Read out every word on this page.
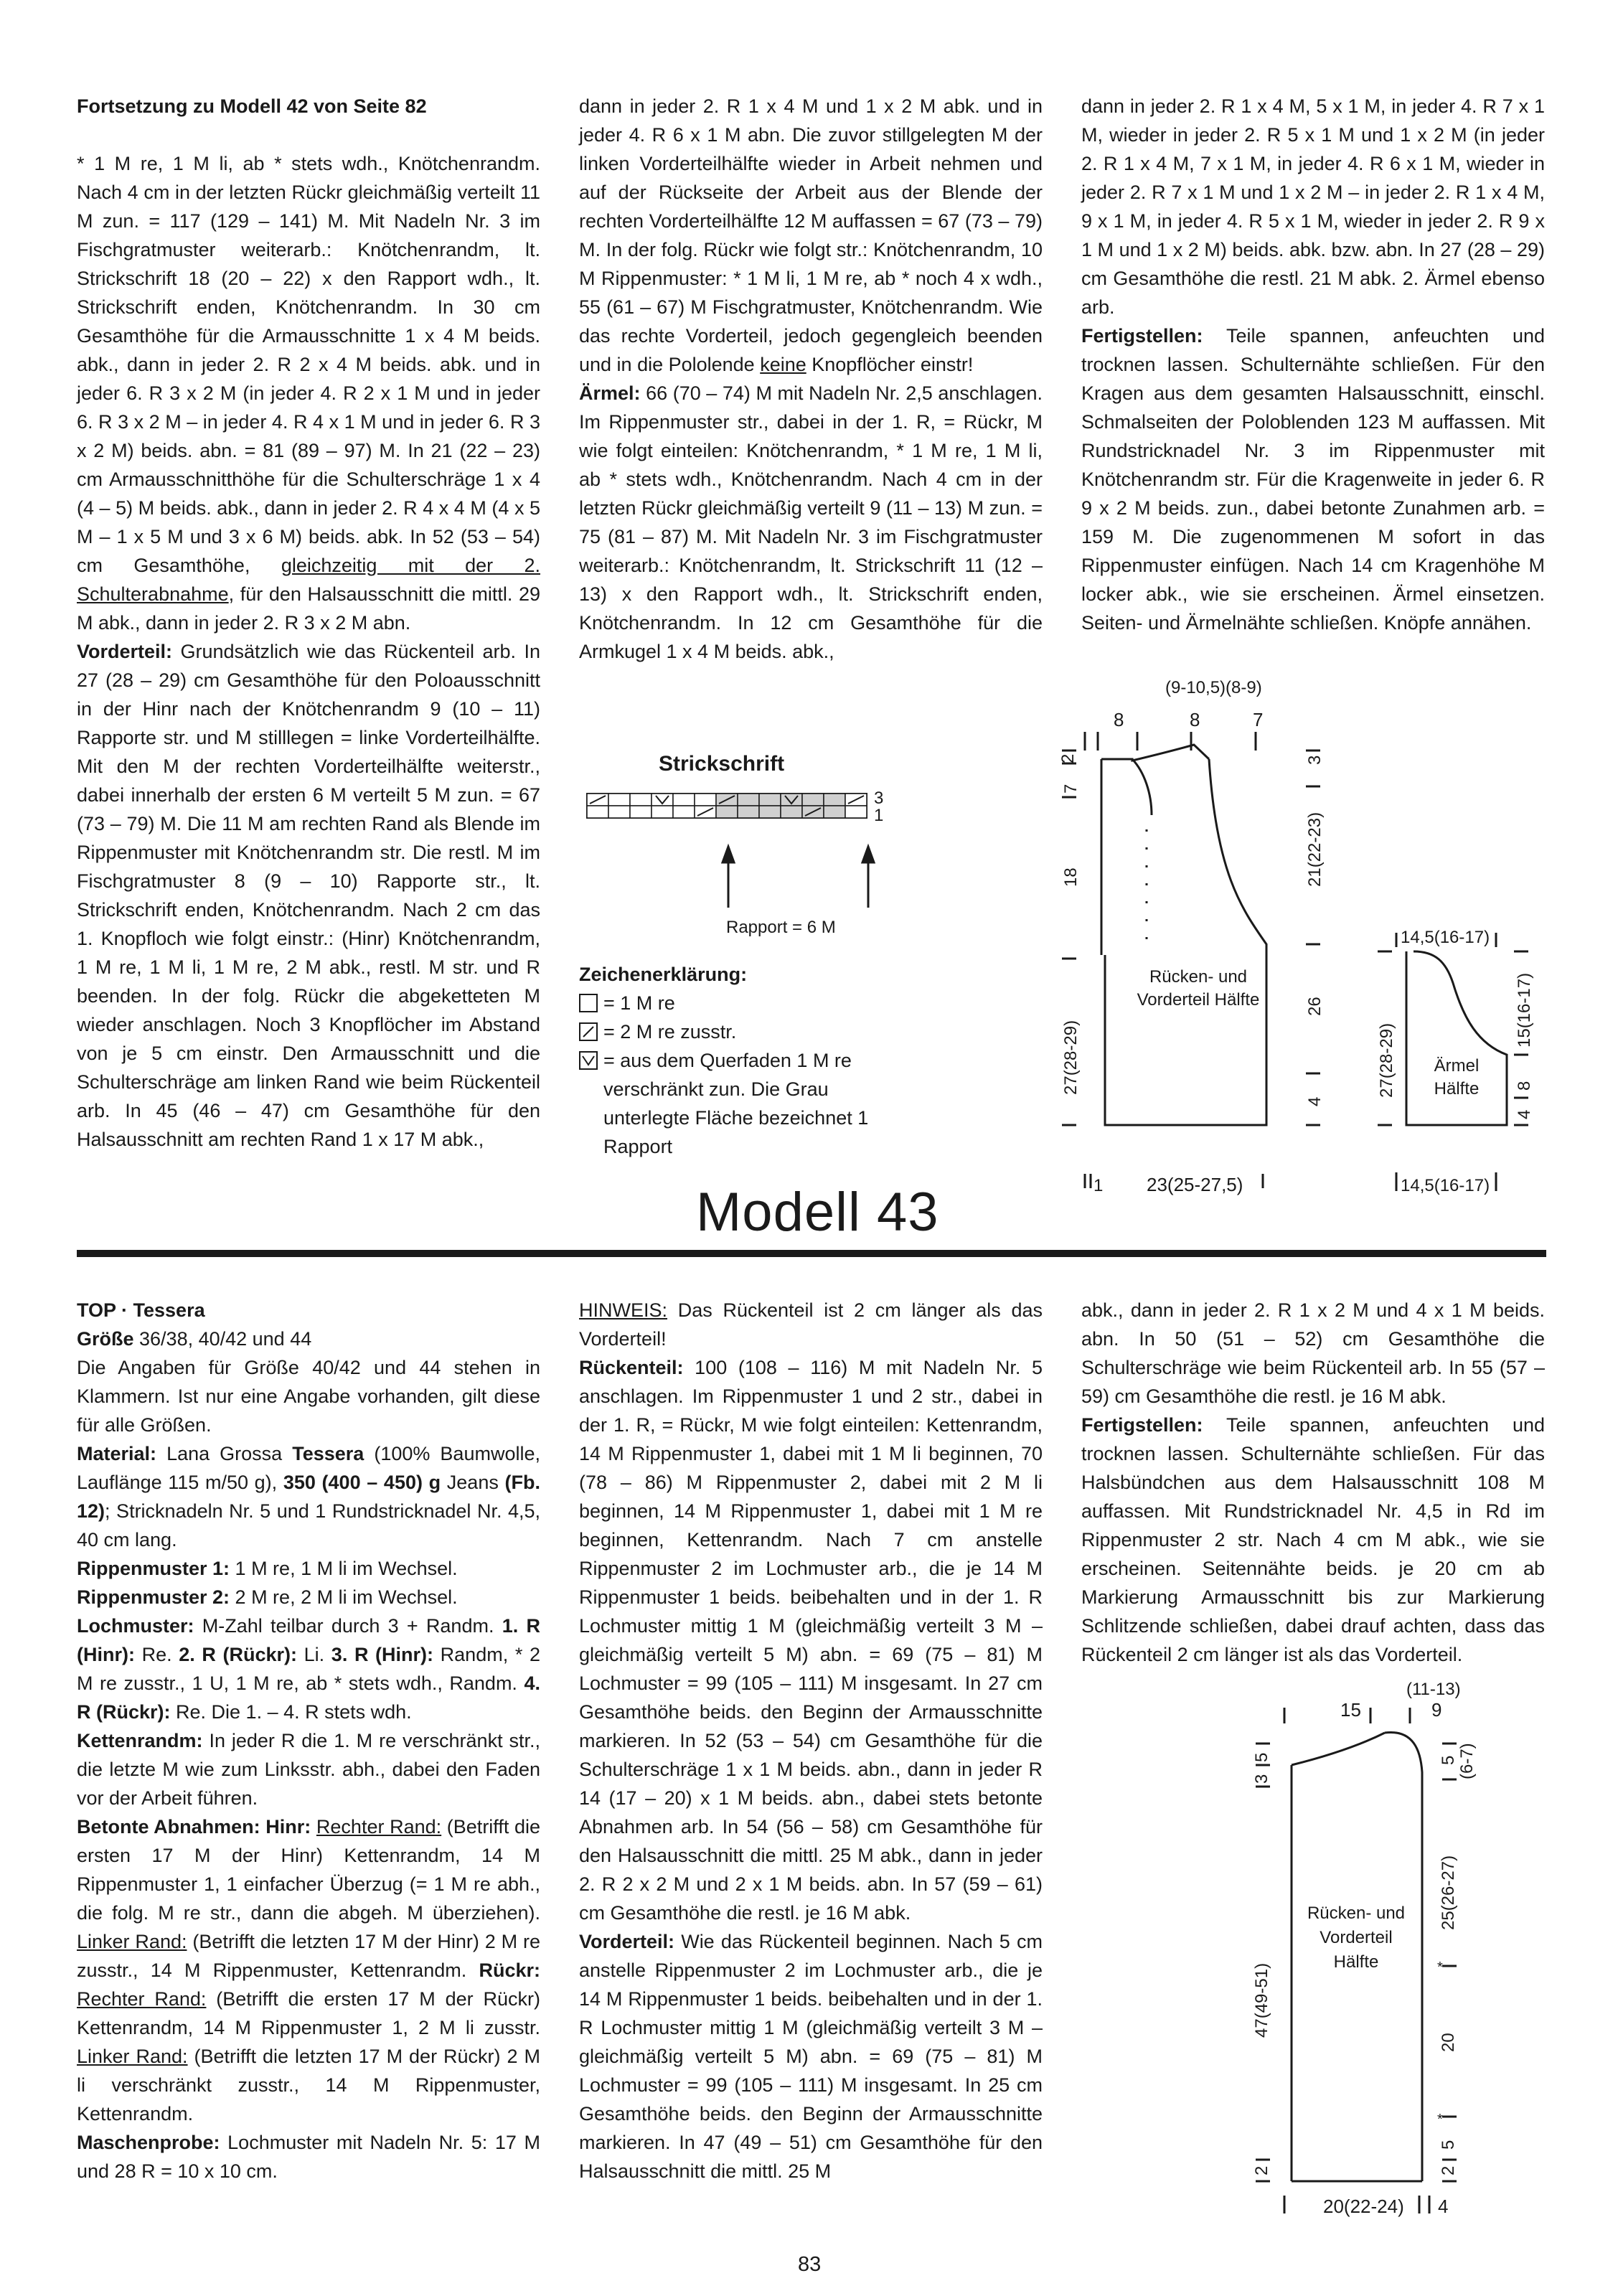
Fortsetzung zu Modell 42 von Seite 82

* 1 M re, 1 M li, ab * stets wdh., Knötchenrandm. Nach 4 cm in der letzten Rückr gleichmäßig verteilt 11 M zun. = 117 (129 – 141) M. Mit Nadeln Nr. 3 im Fischgratmuster weiterarb.: Knötchenrandm, lt. Strickschrift 18 (20 – 22) x den Rapport wdh., lt. Strickschrift enden, Knötchenrandm. In 30 cm Gesamthöhe für die Armausschnitte 1 x 4 M beids. abk., dann in jeder 2. R 2 x 4 M beids. abk. und in jeder 6. R 3 x 2 M (in jeder 4. R 2 x 1 M und in jeder 6. R 3 x 2 M – in jeder 4. R 4 x 1 M und in jeder 6. R 3 x 2 M) beids. abn. = 81 (89 – 97) M. In 21 (22 – 23) cm Armausschnitthöhe für die Schulterschräge 1 x 4 (4 – 5) M beids. abk., dann in jeder 2. R 4 x 4 M (4 x 5 M – 1 x 5 M und 3 x 6 M) beids. abk. In 52 (53 – 54) cm Gesamthöhe, gleichzeitig mit der 2. Schulterabnahme, für den Halsausschnitt die mittl. 29 M abk., dann in jeder 2. R 3 x 2 M abn.

Vorderteil: Grundsätzlich wie das Rückenteil arb. In 27 (28 – 29) cm Gesamthöhe für den Poloausschnitt in der Hinr nach der Knötchenrandm 9 (10 – 11) Rapporte str. und M stilllegen = linke Vorderteilhälfte. Mit den M der rechten Vorderteilhälfte weiterstr., dabei innerhalb der ersten 6 M verteilt 5 M zun. = 67 (73 – 79) M. Die 11 M am rechten Rand als Blende im Rippenmuster mit Knötchenrandm str. Die restl. M im Fischgratmuster 8 (9 – 10) Rapporte str., lt. Strickschrift enden, Knötchenrandm. Nach 2 cm das 1. Knopfloch wie folgt einstr.: (Hinr) Knötchenrandm, 1 M re, 1 M li, 1 M re, 2 M abk., restl. M str. und R beenden. In der folg. Rückr die abgeketteten M wieder anschlagen. Noch 3 Knopflöcher im Abstand von je 5 cm einstr. Den Armausschnitt und die Schulterschräge am linken Rand wie beim Rückenteil arb. In 45 (46 – 47) cm Gesamthöhe für den Halsausschnitt am rechten Rand 1 x 17 M abk.,

dann in jeder 2. R 1 x 4 M und 1 x 2 M abk. und in jeder 4. R 6 x 1 M abn. Die zuvor stillgelegten M der linken Vorderteilhälfte wieder in Arbeit nehmen und auf der Rückseite der Arbeit aus der Blende der rechten Vorderteilhälfte 12 M auffassen = 67 (73 – 79) M. In der folg. Rückr wie folgt str.: Knötchenrandm, 10 M Rippenmuster: * 1 M li, 1 M re, ab * noch 4 x wdh., 55 (61 – 67) M Fischgratmuster, Knötchenrandm. Wie das rechte Vorderteil, jedoch gegengleich beenden und in die Pololende keine Knopflöcher einstr!

Ärmel: 66 (70 – 74) M mit Nadeln Nr. 2,5 anschlagen. Im Rippenmuster str., dabei in der 1. R, = Rückr, M wie folgt einteilen: Knötchenrandm, * 1 M re, 1 M li, ab * stets wdh., Knötchenrandm. Nach 4 cm in der letzten Rückr gleichmäßig verteilt 9 (11 – 13) M zun. = 75 (81 – 87) M. Mit Nadeln Nr. 3 im Fischgratmuster weiterarb.: Knötchenrandm, lt. Strickschrift 11 (12 – 13) x den Rapport wdh., lt. Strickschrift enden, Knötchenrandm. In 12 cm Gesamthöhe für die Armkugel 1 x 4 M beids. abk.,

dann in jeder 2. R 1 x 4 M, 5 x 1 M, in jeder 4. R 7 x 1 M, wieder in jeder 2. R 5 x 1 M und 1 x 2 M (in jeder 2. R 1 x 4 M, 7 x 1 M, in jeder 4. R 6 x 1 M, wieder in jeder 2. R 7 x 1 M und 1 x 2 M – in jeder 2. R 1 x 4 M, 9 x 1 M, in jeder 4. R 5 x 1 M, wieder in jeder 2. R 9 x 1 M und 1 x 2 M) beids. abk. bzw. abn. In 27 (28 – 29) cm Gesamthöhe die restl. 21 M abk. 2. Ärmel ebenso arb.

Fertigstellen: Teile spannen, anfeuchten und trocknen lassen. Schulternähte schließen. Für den Kragen aus dem gesamten Halsausschnitt, einschl. Schmalseiten der Poloblenden 123 M auffassen. Mit Rundstricknadel Nr. 3 im Rippenmuster mit Knötchenrandm str. Für die Kragenweite in jeder 6. R 9 x 2 M beids. zun., dabei betonte Zunahmen arb. = 159 M. Die zugenommenen M sofort in das Rippenmuster einfügen. Nach 14 cm Kragenhöhe M locker abk., wie sie erscheinen. Ärmel einsetzen. Seiten- und Ärmelnähte schließen. Knöpfe annähen.

Strickschrift
3
1
Rapport = 6 M
Zeichenerklärung:
= 1 M re
= 2 M re zusstr.
= aus dem Querfaden 1 M re verschränkt zun. Die Grau unterlegte Fläche bezeichnet 1 Rapport
(9-10,5)(8-9)
8	8	7
2
7
18
27(28-29)
3
21(22-23)
26
4
Rücken- und Vorderteil Hälfte
1 23(25-27,5)
14,5(16-17)
15(16-17)
27(28-29)	8
4
Ärmel Hälfte
14,5(16-17)
Modell 43

TOP · Tessera

Größe 36/38, 40/42 und 44

Die Angaben für Größe 40/42 und 44 stehen in Klammern. Ist nur eine Angabe vorhanden, gilt diese für alle Größen.

Material: Lana Grossa Tessera (100% Baumwolle, Lauflänge 115 m/50 g), 350 (400 – 450) g Jeans (Fb. 12); Stricknadeln Nr. 5 und 1 Rundstricknadel Nr. 4,5, 40 cm lang.

Rippenmuster 1: 1 M re, 1 M li im Wechsel.

Rippenmuster 2: 2 M re, 2 M li im Wechsel.

Lochmuster: M-Zahl teilbar durch 3 + Randm. 1. R (Hinr): Re. 2. R (Rückr): Li. 3. R (Hinr): Randm, * 2 M re zusstr., 1 U, 1 M re, ab * stets wdh., Randm. 4. R (Rückr): Re. Die 1. – 4. R stets wdh.

Kettenrandm: In jeder R die 1. M re verschränkt str., die letzte M wie zum Linksstr. abh., dabei den Faden vor der Arbeit führen.

Betonte Abnahmen: Hinr: Rechter Rand: (Betrifft die ersten 17 M der Hinr) Kettenrandm, 14 M Rippenmuster 1, 1 einfacher Überzug (= 1 M re abh., die folg. M re str., dann die abgeh. M überziehen). Linker Rand: (Betrifft die letzten 17 M der Hinr) 2 M re zusstr., 14 M Rippenmuster, Kettenrandm. Rückr: Rechter Rand: (Betrifft die ersten 17 M der Rückr) Kettenrandm, 14 M Rippenmuster 1, 2 M li zusstr. Linker Rand: (Betrifft die letzten 17 M der Rückr) 2 M li verschränkt zusstr., 14 M Rippenmuster, Kettenrandm.

Maschenprobe: Lochmuster mit Nadeln Nr. 5: 17 M und 28 R = 10 x 10 cm.

HINWEIS: Das Rückenteil ist 2 cm länger als das Vorderteil!

Rückenteil: 100 (108 – 116) M mit Nadeln Nr. 5 anschlagen. Im Rippenmuster 1 und 2 str., dabei in der 1. R, = Rückr, M wie folgt einteilen: Kettenrandm, 14 M Rippenmuster 1, dabei mit 1 M li beginnen, 70 (78 – 86) M Rippenmuster 2, dabei mit 2 M li beginnen, 14 M Rippenmuster 1, dabei mit 1 M re beginnen, Kettenrandm. Nach 7 cm anstelle Rippenmuster 2 im Lochmuster arb., die je 14 M Rippenmuster 1 beids. beibehalten und in der 1. R Lochmuster mittig 1 M (gleichmäßig verteilt 3 M – gleichmäßig verteilt 5 M) abn. = 69 (75 – 81) M Lochmuster = 99 (105 – 111) M insgesamt. In 27 cm Gesamthöhe beids. den Beginn der Armausschnitte markieren. In 52 (53 – 54) cm Gesamthöhe für die Schulterschräge 1 x 1 M beids. abn., dann in jeder R 14 (17 – 20) x 1 M beids. abn., dabei stets betonte Abnahmen arb. In 54 (56 – 58) cm Gesamthöhe für den Halsausschnitt die mittl. 25 M abk., dann in jeder 2. R 2 x 2 M und 2 x 1 M beids. abn. In 57 (59 – 61) cm Gesamthöhe die restl. je 16 M abk.

Vorderteil: Wie das Rückenteil beginnen. Nach 5 cm anstelle Rippenmuster 2 im Lochmuster arb., die je 14 M Rippenmuster 1 beids. beibehalten und in der 1. R Lochmuster mittig 1 M (gleichmäßig verteilt 3 M – gleichmäßig verteilt 5 M) abn. = 69 (75 – 81) M Lochmuster = 99 (105 – 111) M insgesamt. In 25 cm Gesamthöhe beids. den Beginn der Armausschnitte markieren. In 47 (49 – 51) cm Gesamthöhe für den Halsausschnitt die mittl. 25 M

abk., dann in jeder 2. R 1 x 2 M und 4 x 1 M beids. abn. In 50 (51 – 52) cm Gesamthöhe die Schulterschräge wie beim Rückenteil arb. In 55 (57 – 59) cm Gesamthöhe die restl. je 16 M abk.

Fertigstellen: Teile spannen, anfeuchten und trocknen lassen. Schulternähte schließen. Für das Halsbündchen aus dem Halsausschnitt 108 M auffassen. Mit Rundstricknadel Nr. 4,5 in Rd im Rippenmuster 2 str. Nach 4 cm M abk., wie sie erscheinen. Seitennähte beids. je 20 cm ab Markierung Armausschnitt bis zur Markierung Schlitzende schließen, dabei drauf achten, dass das Rückenteil 2 cm länger ist als das Vorderteil.

(11-13)
15	9
5
3
5 (6-7)
47(49-51)
25(26-27)
20
2	2
5
*
*
Rücken- und Vorderteil Hälfte
20(22-24) 4
83
